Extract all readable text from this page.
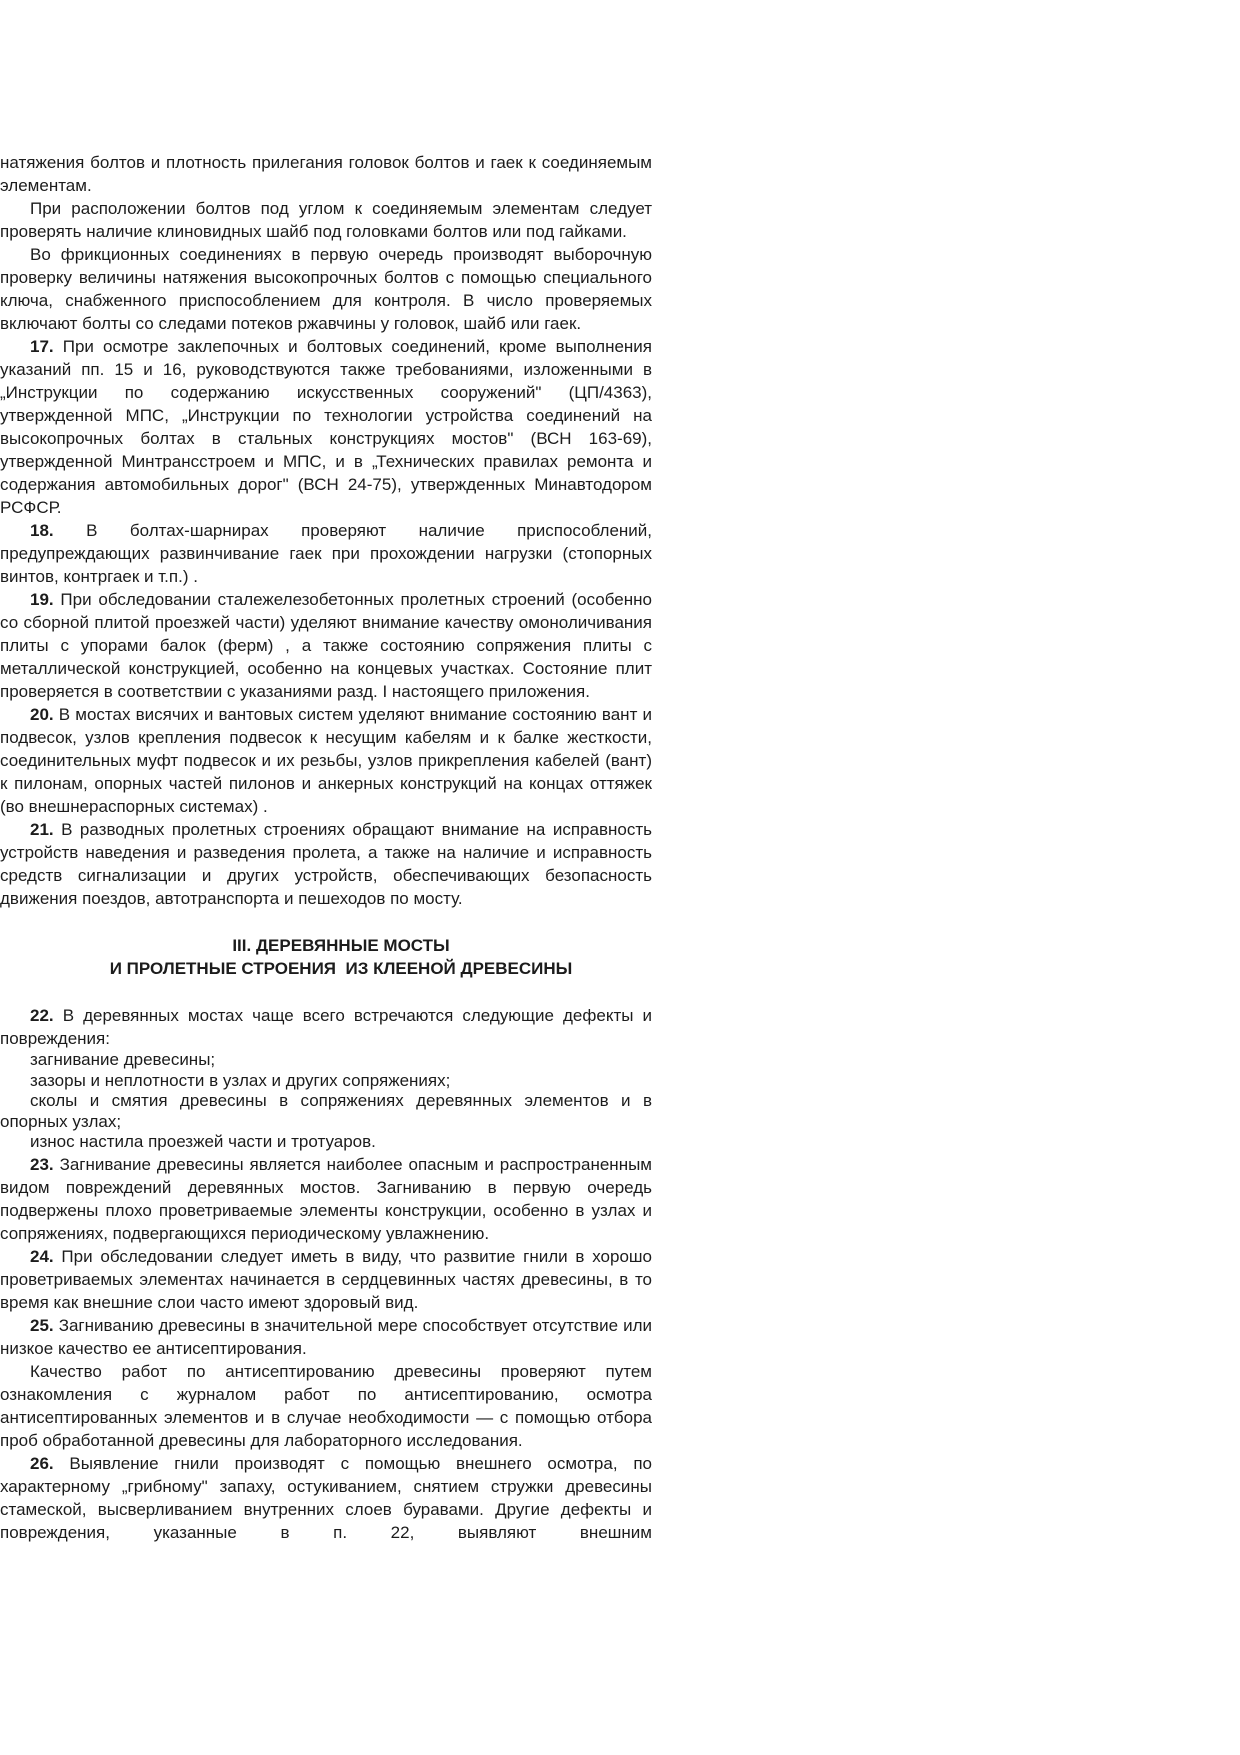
натяжения болтов и плотность прилегания головок болтов и гаек к соединяемым элементам.

При расположении болтов под углом к соединяемым элементам следует проверять наличие клиновидных шайб под головками болтов или под гайками.

Во фрикционных соединениях в первую очередь производят выборочную проверку величины натяжения высокопрочных болтов с помощью специального ключа, снабженного приспособлением для контроля. В число проверяемых включают болты со следами потеков ржавчины у головок, шайб или гаек.

17. При осмотре заклепочных и болтовых соединений, кроме выполнения указаний пп. 15 и 16, руководствуются также требованиями, изложенными в „Инструкции по содержанию искусственных сооружений" (ЦП/4363), утвержденной МПС, „Инструкции по технологии устройства соединений на высокопрочных болтах в стальных конструкциях мостов" (ВСН 163-69), утвержденной Минтрансстроем и МПС, и в „Технических правилах ремонта и содержания автомобильных дорог" (ВСН 24-75), утвержденных Минавтодором РСФСР.

18. В болтах-шарнирах проверяют наличие приспособлений, предупреждающих развинчивание гаек при прохождении нагрузки (стопорных винтов, контргаек и т.п.) .

19. При обследовании сталежелезобетонных пролетных строений (особенно со сборной плитой проезжей части) уделяют внимание качеству омоноличивания плиты с упорами балок (ферм) , а также состоянию сопряжения плиты с металлической конструкцией, особенно на концевых участках. Состояние плит проверяется в соответствии с указаниями разд. I настоящего приложения.

20. В мостах висячих и вантовых систем уделяют внимание состоянию вант и подвесок, узлов крепления подвесок к несущим кабелям и к балке жесткости, соединительных муфт подвесок и их резьбы, узлов прикрепления кабелей (вант) к пилонам, опорных частей пилонов и анкерных конструкций на концах оттяжек (во внешнераспорных системах) .

21. В разводных пролетных строениях обращают внимание на исправность устройств наведения и разведения пролета, а также на наличие и исправность средств сигнализации и других устройств, обеспечивающих безопасность движения поездов, автотранспорта и пешеходов по мосту.

III. ДЕРЕВЯННЫЕ МОСТЫ
И ПРОЛЕТНЫЕ СТРОЕНИЯ  ИЗ КЛЕЕНОЙ ДРЕВЕСИНЫ

22. В деревянных мостах чаще всего встречаются следующие дефекты и повреждения:

загнивание древесины;

зазоры и неплотности в узлах и других сопряжениях;

сколы и смятия древесины в сопряжениях деревянных элементов и в опорных узлах;

износ настила проезжей части и тротуаров.

23. Загнивание древесины является наиболее опасным и распространенным видом повреждений деревянных мостов. Загниванию в первую очередь подвержены плохо проветриваемые элементы конструкции, особенно в узлах и сопряжениях, подвергающихся периодическому увлажнению.

24. При обследовании следует иметь в виду, что развитие гнили в хорошо проветриваемых элементах начинается в сердцевинных частях древесины, в то время как внешние слои часто имеют здоровый вид.

25. Загниванию древесины в значительной мере способствует отсутствие или низкое качество ее антисептирования.

Качество работ по антисептированию древесины проверяют путем ознакомления с журналом работ по антисептированию, осмотра антисептированных элементов и в случае необходимости — с помощью отбора проб обработанной древесины для лабораторного исследования.

26. Выявление гнили производят с помощью внешнего осмотра, по характерному „грибному" запаху, остукиванием, снятием стружки древесины стамеской, высверливанием внутренних слоев буравами. Другие дефекты и повреждения, указанные в п. 22, выявляют внешним
